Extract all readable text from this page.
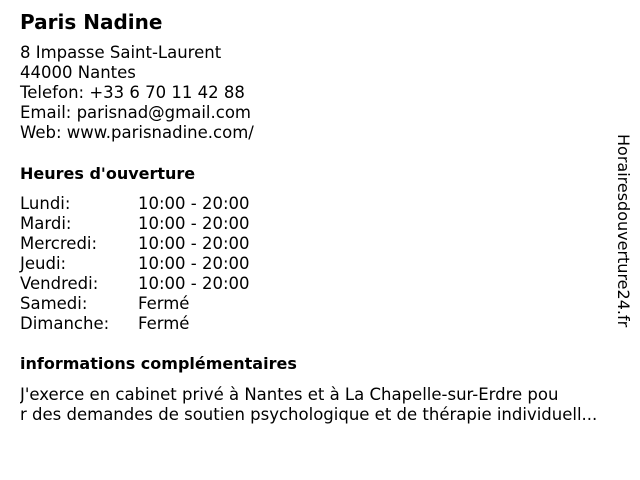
Paris Nadine
8 Impasse Saint-Laurent
44000 Nantes
Telefon: +33 6 70 11 42 88
Email: parisnad@gmail.com
Web: www.parisnadine.com/
Heures d'ouverture
Lundi:	10:00 - 20:00
Mardi:	10:00 - 20:00
Mercredi:	10:00 - 20:00
Jeudi:	10:00 - 20:00
Vendredi:	10:00 - 20:00
Samedi:	Fermé
Dimanche:	Fermé
informations complémentaires
J'exerce en cabinet privé à Nantes et à La Chapelle-sur-Erdre pou
r des demandes de soutien psychologique et de thérapie individuell...
Horairesdouverture24.fr
